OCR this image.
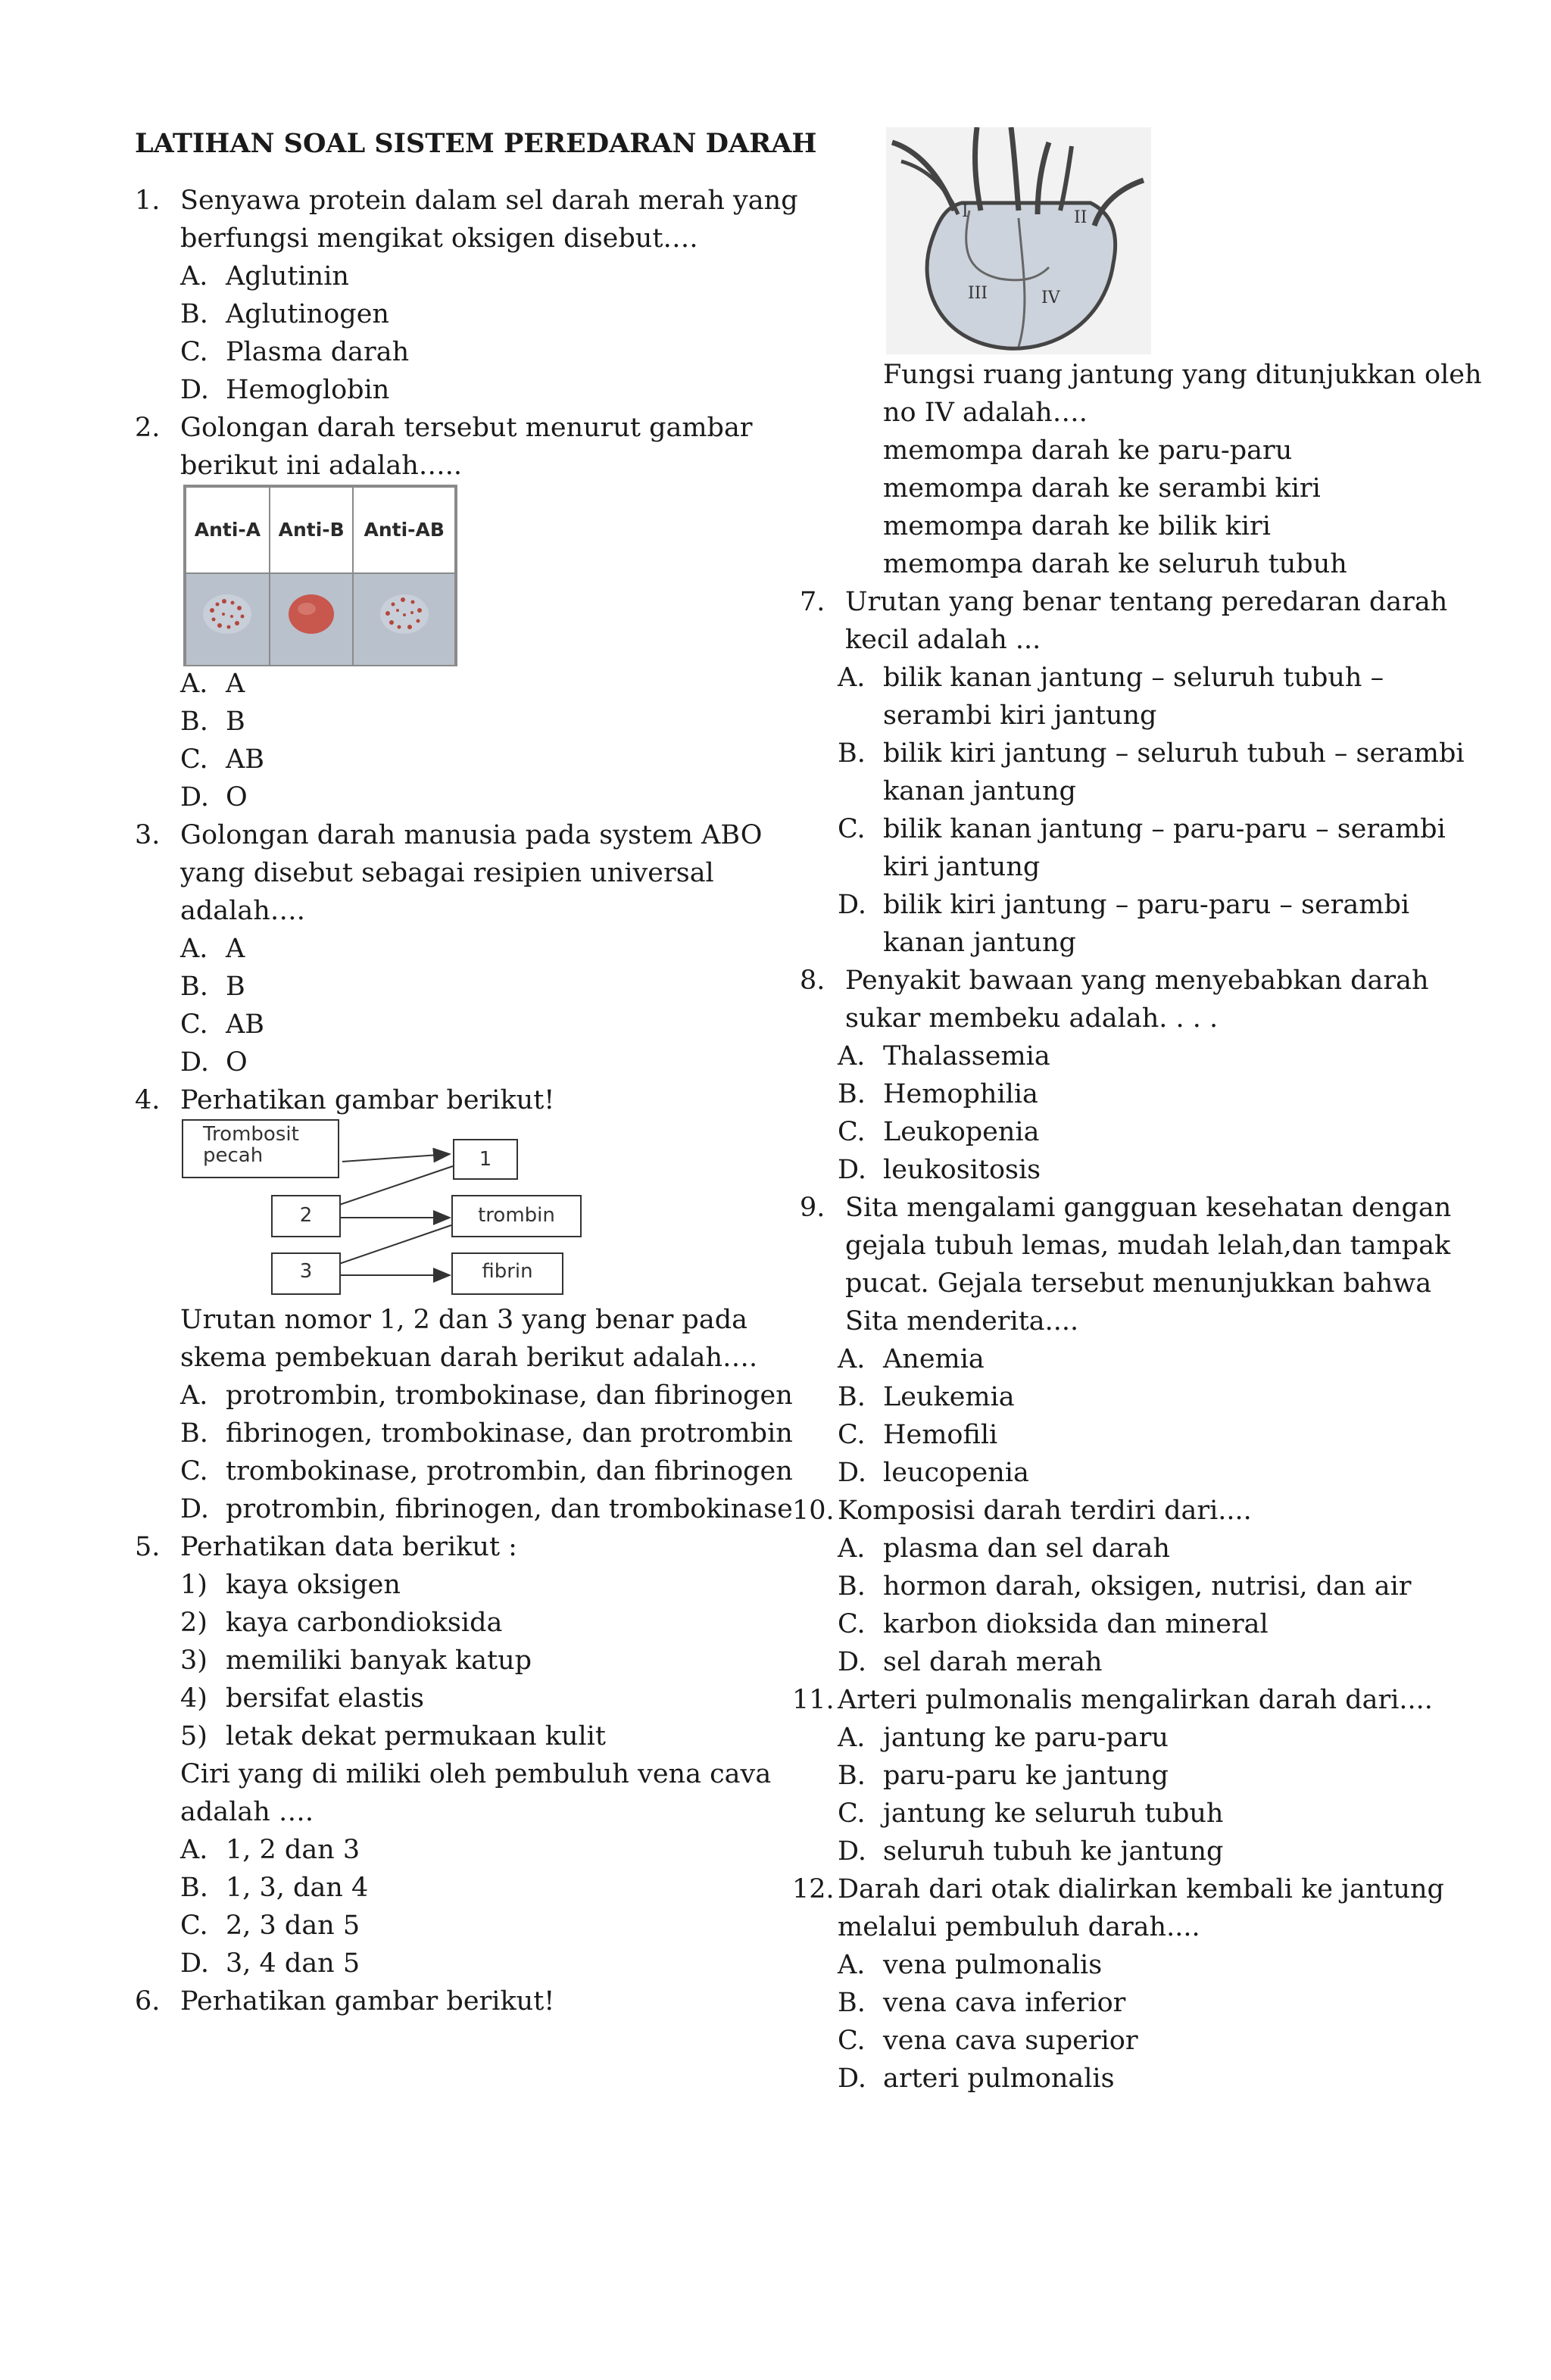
LATIHAN SOAL SISTEM PEREDARAN DARAH
1. Senyawa protein dalam sel darah merah yang berfungsi mengikat oksigen disebut….
A. Aglutinin
B. Aglutinogen
C. Plasma darah
D. Hemoglobin
2. Golongan darah tersebut menurut gambar berikut ini adalah…..
Anti-A	Anti-B	Anti-AB

A. A
B. B
C. AB
D. O
3. Golongan darah manusia pada system ABO yang disebut sebagai resipien universal adalah….
A. A
B. B
C. AB
D. O
4. Perhatikan gambar berikut!
Trombosit pecah	1
2	trombin
3	fibrin
Urutan nomor 1, 2 dan 3 yang benar pada skema pembekuan darah berikut adalah….
A. protrombin, trombokinase, dan fibrinogen
B. fibrinogen, trombokinase, dan protrombin
C. trombokinase, protrombin, dan fibrinogen
D. protrombin, fibrinogen, dan trombokinase
5. Perhatikan data berikut :
1) kaya oksigen
2) kaya carbondioksida
3) memiliki banyak katup
4) bersifat elastis
5) letak dekat permukaan kulit
Ciri yang di miliki oleh pembuluh vena cava adalah ….
A. 1, 2 dan 3
B. 1, 3, dan 4
C. 2, 3 dan 5
D. 3, 4 dan 5
6. Perhatikan gambar berikut!
I	II
III	IV
Fungsi ruang jantung yang ditunjukkan oleh no IV adalah….
memompa darah ke paru-paru
memompa darah ke serambi kiri
memompa darah ke bilik kiri
memompa darah ke seluruh tubuh
7. Urutan yang benar tentang peredaran darah kecil adalah ...
A. bilik kanan jantung – seluruh tubuh – serambi kiri jantung
B. bilik kiri jantung – seluruh tubuh – serambi kanan jantung
C. bilik kanan jantung – paru-paru – serambi kiri jantung
D. bilik kiri jantung – paru-paru – serambi kanan jantung
8. Penyakit bawaan yang menyebabkan darah sukar membeku adalah. . . .
A. Thalassemia
B. Hemophilia
C. Leukopenia
D. leukositosis
9. Sita mengalami gangguan kesehatan dengan gejala tubuh lemas, mudah lelah,dan tampak pucat. Gejala tersebut menunjukkan bahwa Sita menderita....
A. Anemia
B. Leukemia
C. Hemofili
D. leucopenia
10. Komposisi darah terdiri dari....
A. plasma dan sel darah
B. hormon darah, oksigen, nutrisi, dan air
C. karbon dioksida dan mineral
D. sel darah merah
11. Arteri pulmonalis mengalirkan darah dari....
A. jantung ke paru-paru
B. paru-paru ke jantung
C. jantung ke seluruh tubuh
D. seluruh tubuh ke jantung
12. Darah dari otak dialirkan kembali ke jantung melalui pembuluh darah....
A. vena pulmonalis
B. vena cava inferior
C. vena cava superior
D. arteri pulmonalis
